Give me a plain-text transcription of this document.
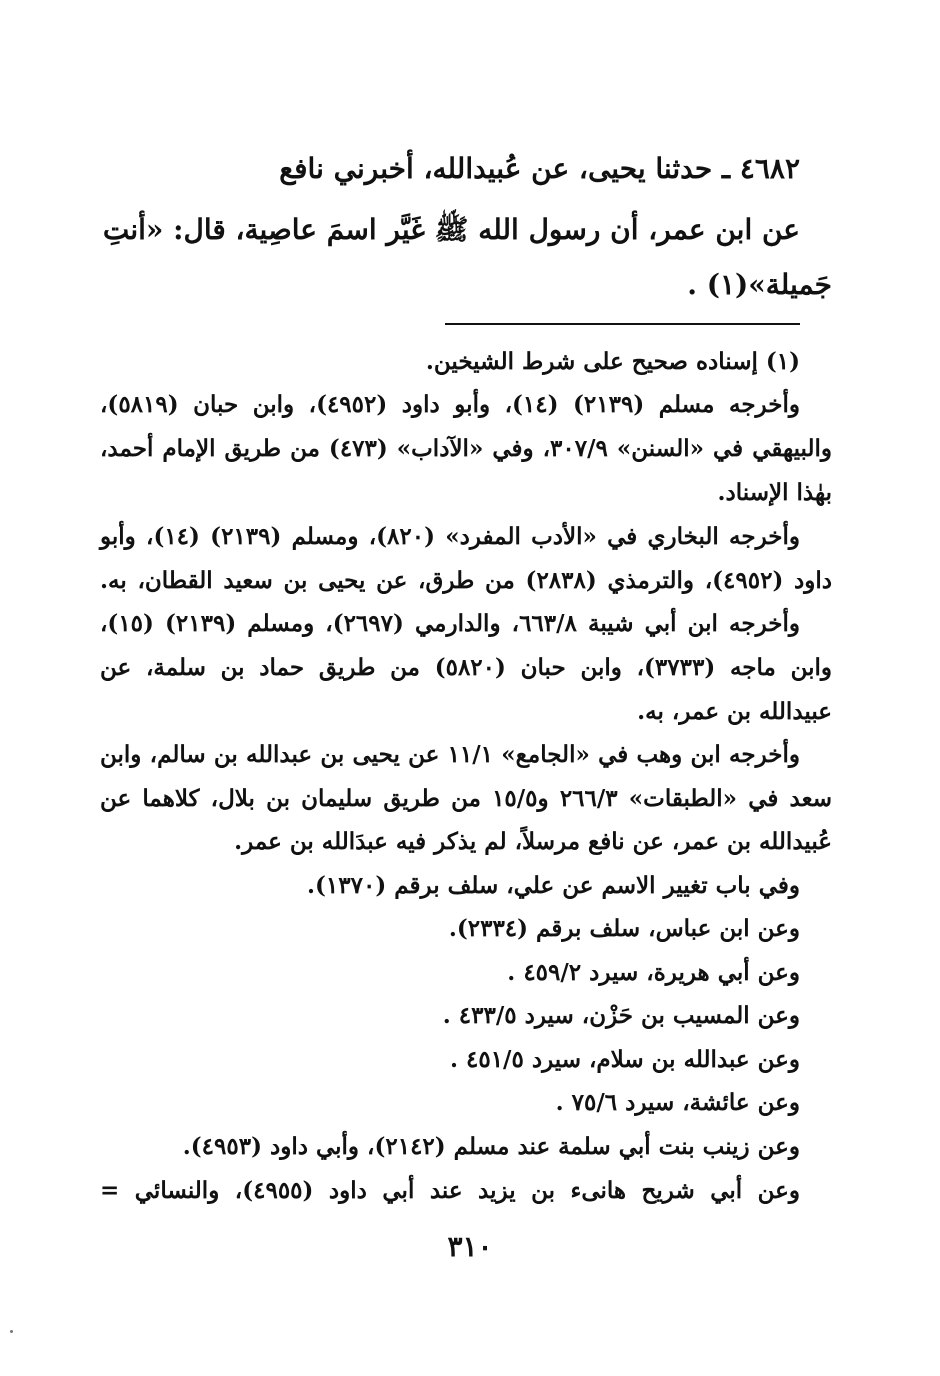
٤٦٨٢ ـ حدثنا يحيى، عن عُبيدالله، أخبرني نافع
عن ابن عمر، أن رسول الله ﷺ غَيَّر اسمَ عاصِية، قال: «أنتِ
جَميلة»(١) .
(١) إسناده صحيح على شرط الشيخين.
وأخرجه مسلم (٢١٣٩) (١٤)، وأبو داود (٤٩٥٢)، وابن حبان (٥٨١٩)،
والبيهقي في «السنن» ٣٠٧/٩، وفي «الآداب» (٤٧٣) من طريق الإمام أحمد،
بهٰذا الإسناد.
وأخرجه البخاري في «الأدب المفرد» (٨٢٠)، ومسلم (٢١٣٩) (١٤)، وأبو
داود (٤٩٥٢)، والترمذي (٢٨٣٨) من طرق، عن يحيى بن سعيد القطان، به.
وأخرجه ابن أبي شيبة ٦٦٣/٨، والدارمي (٢٦٩٧)، ومسلم (٢١٣٩) (١٥)،
وابن ماجه (٣٧٣٣)، وابن حبان (٥٨٢٠) من طريق حماد بن سلمة، عن
عبيدالله بن عمر، به.
وأخرجه ابن وهب في «الجامع» ١١/١ عن يحيى بن عبدالله بن سالم، وابن
سعد في «الطبقات» ٢٦٦/٣ و١٥/٥ من طريق سليمان بن بلال، كلاهما عن
عُبيدالله بن عمر، عن نافع مرسلاً، لم يذكر فيه عبدَالله بن عمر.
وفي باب تغيير الاسم عن علي، سلف برقم (١٣٧٠).
وعن ابن عباس، سلف برقم (٢٣٣٤).
وعن أبي هريرة، سيرد ٤٥٩/٢ .
وعن المسيب بن حَزْن، سيرد ٤٣٣/٥ .
وعن عبدالله بن سلام، سيرد ٤٥١/٥ .
وعن عائشة، سيرد ٧٥/٦ .
وعن زينب بنت أبي سلمة عند مسلم (٢١٤٢)، وأبي داود (٤٩٥٣).
وعن أبي شريح هانىء بن يزيد عند أبي داود (٤٩٥٥)، والنسائي =
٣١٠
